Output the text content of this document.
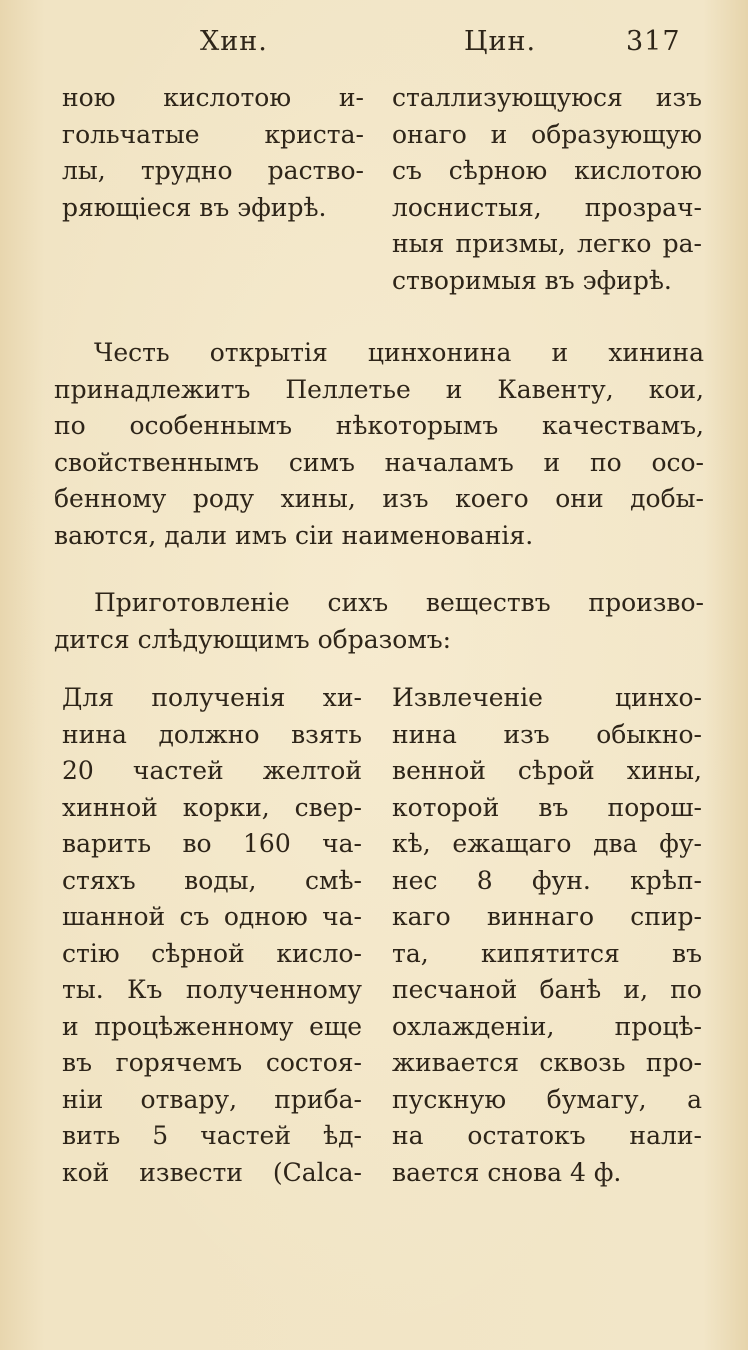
Хин.	Цин.	317
ною кислотою и-
гольчатые криста-
лы, трудно раство-
ряющіеся въ эфирѣ.
сталлизующуюся изъ
онаго и образующую
съ сѣрною кислотою
лоснистыя, прозрач-
ныя призмы, легко ра-
створимыя въ эфирѣ.
Честь открытія цинхонина и хинина
принадлежитъ Пеллетье и Кавенту, кои,
по особеннымъ нѣкоторымъ качествамъ,
свойственнымъ симъ началамъ и по осо-
бенному роду хины, изъ коего они добы-
ваются, дали имъ сіи наименованія.
Приготовленіе сихъ веществъ произво-
дится слѣдующимъ образомъ:
Для полученія хи-
нина должно взять
20 частей желтой
хинной корки, свер-
варить во 160 ча-
стяхъ воды, смѣ-
шанной съ одною ча-
стію сѣрной кисло-
ты. Къ полученному
и процѣженному еще
въ горячемъ состоя-
ніи отвару, приба-
вить 5 частей ѣд-
кой извести (Calca-
Извлеченіе цинхо-
нина изъ обыкно-
венной сѣрой хины,
которой въ порош-
кѣ, ежащаго два фу-
нес 8 фун. крѣп-
каго виннаго спир-
та, кипятится въ
песчаной банѣ и, по
охлажденіи, процѣ-
живается сквозь про-
пускную бумагу, а
на остатокъ нали-
вается снова 4 ф.
